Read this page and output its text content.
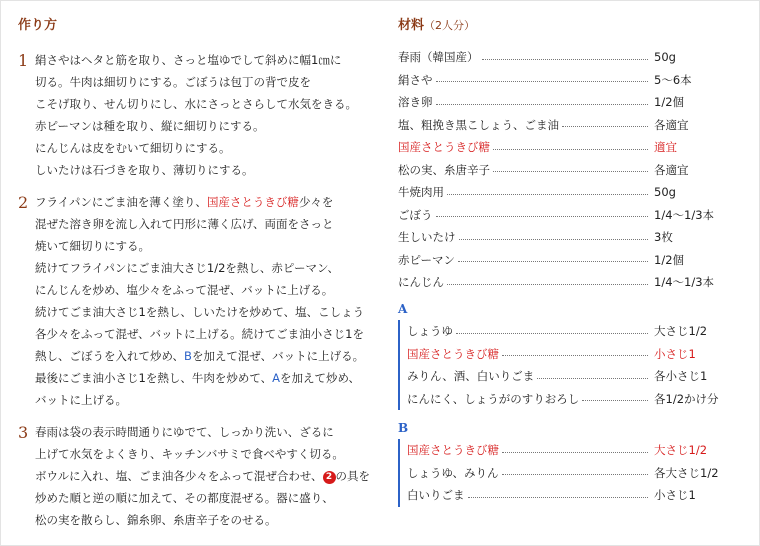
作り方
1 絹さやはヘタと筋を取り、さっと塩ゆでして斜めに幅1㎝に
切る。牛肉は細切りにする。ごぼうは包丁の背で皮を
こそげ取り、せん切りにし、水にさっとさらして水気をきる。
赤ピーマンは種を取り、縦に細切りにする。
にんじんは皮をむいて細切りにする。
しいたけは石づきを取り、薄切りにする。
2 フライパンにごま油を薄く塗り、国産さとうきび糖少々を
混ぜた溶き卵を流し入れて円形に薄く広げ、両面をさっと
焼いて細切りにする。
続けてフライパンにごま油大さじ1/2を熱し、赤ピーマン、
にんじんを炒め、塩少々をふって混ぜ、バットに上げる。
続けてごま油大さじ1を熱し、しいたけを炒めて、塩、こしょう
各少々をふって混ぜ、バットに上げる。続けてごま油小さじ1を
熱し、ごぼうを入れて炒め、Bを加えて混ぜ、バットに上げる。
最後にごま油小さじ1を熱し、牛肉を炒めて、Aを加えて炒め、
バットに上げる。
3 春雨は袋の表示時間通りにゆでて、しっかり洗い、ざるに
上げて水気をよくきり、キッチンバサミで食べやすく切る。
ボウルに入れ、塩、ごま油各少々をふって混ぜ合わせ、 2 の具を
炒めた順と逆の順に加えて、その都度混ぜる。器に盛り、
松の実を散らし、錦糸卵、糸唐辛子をのせる。
材料（2人分）
春雨（韓国産）	50g
絹さや	5～6本
溶き卵	1/2個
塩、粗挽き黒こしょう、ごま油	各適宜
国産さとうきび糖	適宜
松の実、糸唐辛子	各適宜
牛焼肉用	50g
ごぼう	1/4～1/3本
生しいたけ	3枚
赤ピーマン	1/2個
にんじん	1/4～1/3本
A
しょうゆ	大さじ1/2
国産さとうきび糖	小さじ1
みりん、酒、白いりごま	各小さじ1
にんにく、しょうがのすりおろし	各1/2かけ分
B
国産さとうきび糖	大さじ1/2
しょうゆ、みりん	各大さじ1/2
白いりごま	小さじ1
